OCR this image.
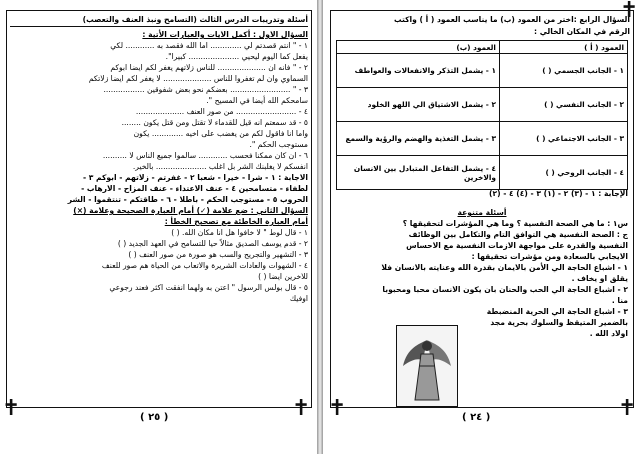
أسئلة وتدريبات الدرس الثالث (التسامح ونبذ العنف والتعصب)
السؤال الاول : أكمل الايات والعبارات الأتية :
١ - " انتم قصدتم لي ............. اما الله فقصد به ............ لكي
يفعل كما اليوم ليحيي ..................... كبيرا".
٢ - " فانه ان .................... للناس زلاتهم يغفر لكم ايضا ابوكم
السماوي وان لم تغفروا للناس .................... لا يغفر لكم ايضا زلاتكم
٣ - " ......................... بعضكم نحو بعض شفوقين .................
سامحكم الله أيضا في المسيح ".
٤ - ......................... من صور العنف ....................
٥ - قد سمعتم انه قيل للقدماء لا تقتل ومن قتل يكون ........
واما انا فاقول لكم من يغضب على اخيه ............. يكون
مستوجب الحكم ".
٦ - ان كان ممكنا فحسب ............ سالموا جميع الناس لا ..........
انفسكم لا يغلبنك الشر بل اغلب ..................... بالخير.
الاجابة : ١ - شرا - خيرا - شعبا ٢ - غفرتم - زلاتهم - ابوكم ٣ -
لطفاء - متسامحين ٤ - عنف الاعتداء - عنف المزاح - الارهاب -
الحروب ٥ - مستوجب الحكم - باطلا - ٦ - طاقتكم - تنتقموا - الشر
السؤال الثاني : ضع علامة (✓) أمام العبارة الصحيحة وعلامة (×)
أمام العبارة الخاطئة مع تصحيح الخطأ :
١ - قال لوط " لا خافوا هل انا مكان الله. ( )
٢ - قدم يوسف الصديق مثالاً حيا للتسامح في العهد الجديد ( )
٣ - التشهير والتجريح والسب هو صورة من صور العنف ( )
٤ - الشهوات والعادات الشريرة والاتعاب من الحياة هم صور للعنف
للاخرين ايضا ( )
٥ - قال بولس الرسول " اعتن به ولهما انفقت اكثر فعند رجوعي
اوفيك
✝	✝
( ٢٥ )
السؤال الرابع :اختر من العمود (ب) ما يناسب العمود ( أ ) واكتب
الرقم في المكان الخالي :
العمود ( أ )	العمود (ب)
١ - الجانب الجسمي ( )	١ - يشمل التذكر والانفعالات والعواطف
٢ - الجانب النفسي ( )	٢ - يشمل الاشتياق الي اللهو الخلود
٣ - الجانب الاجتماعي ( )	٣ - يشمل التغذية والهضم والرؤية والسمع
٤ - الجانب الروحي ( )	٤ - يشمل التفاعل المتبادل بين الانسان والاخرين
الإجابة : ١ - (٣) ٢ - (١) ٣ - (٤) ٤ - (٢)
أسئلة متنوعة
س١ : ما هي الصحة النفسية ؟ وما هي المؤشرات لتحقيقها ؟
ج : الصحة النفسية هي التوافق التام والتكامل بين الوظائف
النفسية والقدرة على مواجهة الازمات النفسية مع الاحساس
الايجابي بالسعادة ومن مؤشرات تحقيقها :
١ - اشباع الحاجة الي الأمن بالايمان بقدرة الله وعنايته بالانسان فلا
يقلق او يخاف .
٢ - اشباع الحاجة الي الحب والحنان بان يكون الانسان محبا ومحبوبا
منا .
٣ - اشباع الحاجة الي الحرية المنضبطة
بالضمير المتيقظ والسلوك بحرية مجد
اولاد الله .
✝	✝
✝
( ٢٤ )
